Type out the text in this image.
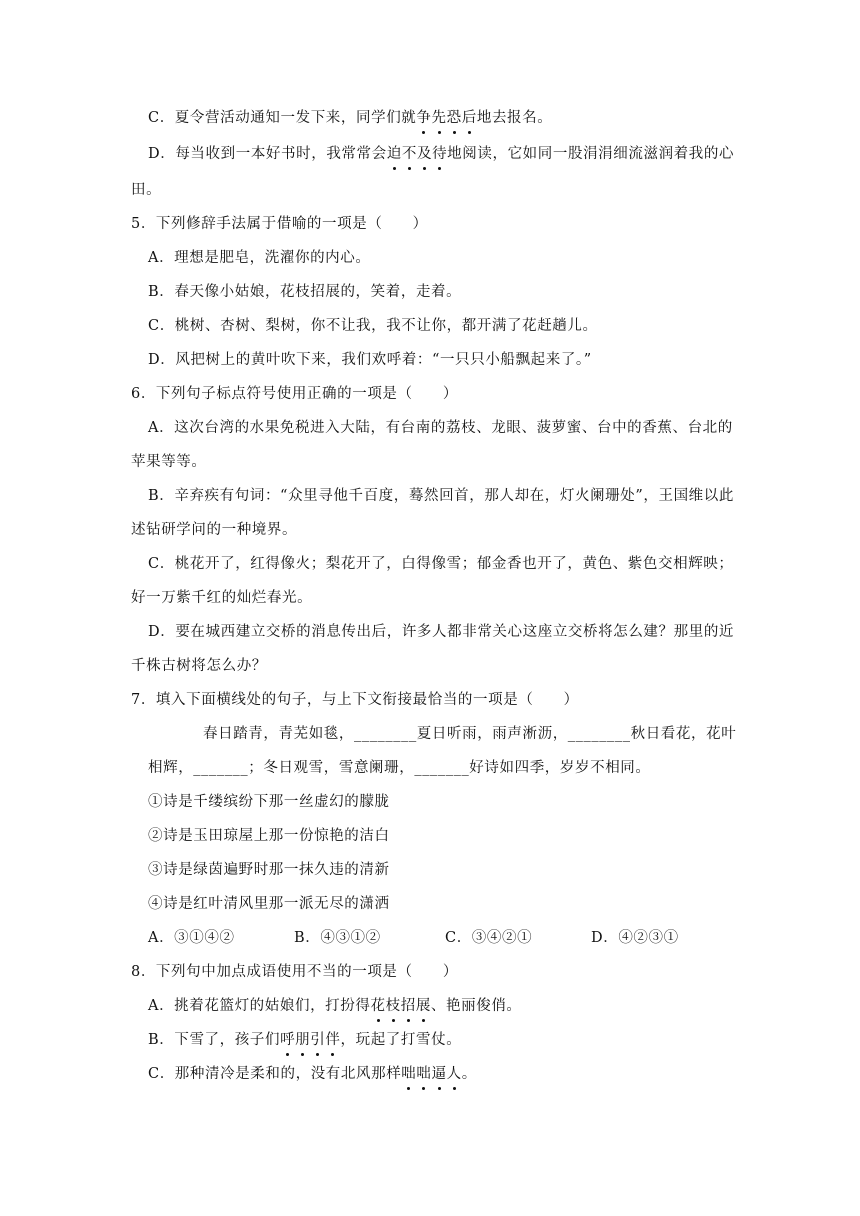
C．夏令营活动通知一发下来，同学们就争先恐后地去报名。
D．每当收到一本好书时，我常常会迫不及待地阅读，它如同一股涓涓细流滋润着我的心
田。
5．下列修辞手法属于借喻的一项是（　　）
A．理想是肥皂，洗濯你的内心。
B．春天像小姑娘，花枝招展的，笑着，走着。
C．桃树、杏树、梨树，你不让我，我不让你，都开满了花赶趟儿。
D．风把树上的黄叶吹下来，我们欢呼着：“一只只小船飘起来了。”
6．下列句子标点符号使用正确的一项是（　　）
A．这次台湾的水果免税进入大陆，有台南的荔枝、龙眼、菠萝蜜、台中的香蕉、台北的
苹果等等。
B．辛弃疾有句词：“众里寻他千百度，蓦然回首，那人却在，灯火阑珊处”，王国维以此
述钻研学问的一种境界。
C．桃花开了，红得像火；梨花开了，白得像雪；郁金香也开了，黄色、紫色交相辉映；
好一万紫千红的灿烂春光。
D．要在城西建立交桥的消息传出后，许多人都非常关心这座立交桥将怎么建？那里的近
千株古树将怎么办？
7．填入下面横线处的句子，与上下文衔接最恰当的一项是（　　）
春日踏青，青芜如毯，________夏日听雨，雨声淅沥，________秋日看花，花叶
相辉，_______；冬日观雪，雪意阑珊，_______好诗如四季，岁岁不相同。
①诗是千缕缤纷下那一丝虚幻的朦胧
②诗是玉田琼屋上那一份惊艳的洁白
③诗是绿茵遍野时那一抹久违的清新
④诗是红叶清风里那一派无尽的潇洒
A．③①④②	B．④③①②	C．③④②①	D．④②③①
8．下列句中加点成语使用不当的一项是（　　）
A．挑着花篮灯的姑娘们，打扮得花枝招展、艳丽俊俏。
B．下雪了，孩子们呼朋引伴，玩起了打雪仗。
C．那种清冷是柔和的，没有北风那样咄咄逼人。
